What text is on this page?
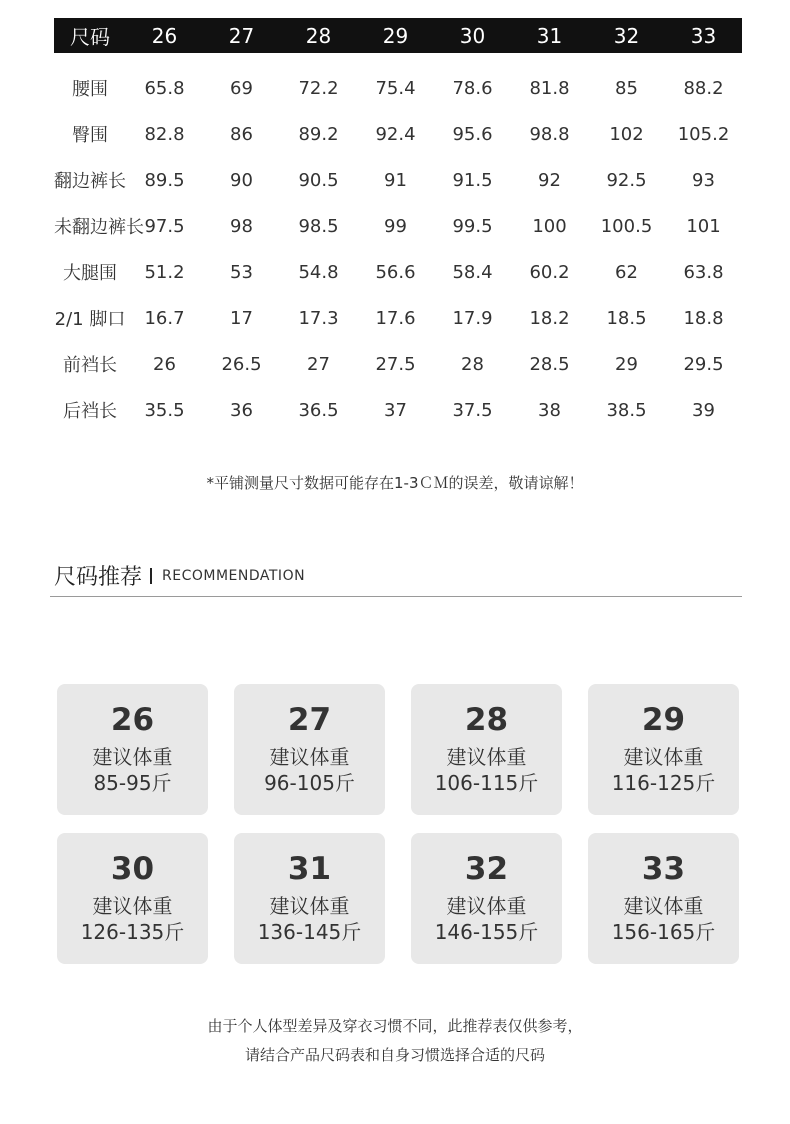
尺码	26	27	28	29	30	31	32	33
腰围	65.8	69	72.2	75.4	78.6	81.8	85	88.2
臀围	82.8	86	89.2	92.4	95.6	98.8	102	105.2
翻边裤长	89.5	90	90.5	91	91.5	92	92.5	93
未翻边裤长	97.5	98	98.5	99	99.5	100	100.5	101
大腿围	51.2	53	54.8	56.6	58.4	60.2	62	63.8
2/1 脚口	16.7	17	17.3	17.6	17.9	18.2	18.5	18.8
前裆长	26	26.5	27	27.5	28	28.5	29	29.5
后裆长	35.5	36	36.5	37	37.5	38	38.5	39
*平铺测量尺寸数据可能存在1-3ＣＭ的误差，敬请谅解！
尺码推荐 RECOMMENDATION
26
建议体重
85-95斤
27
建议体重
96-105斤
28
建议体重
106-115斤
29
建议体重
116-125斤
30
建议体重
126-135斤
31
建议体重
136-145斤
32
建议体重
146-155斤
33
建议体重
156-165斤
由于个人体型差异及穿衣习惯不同，此推荐表仅供参考，
请结合产品尺码表和自身习惯选择合适的尺码
